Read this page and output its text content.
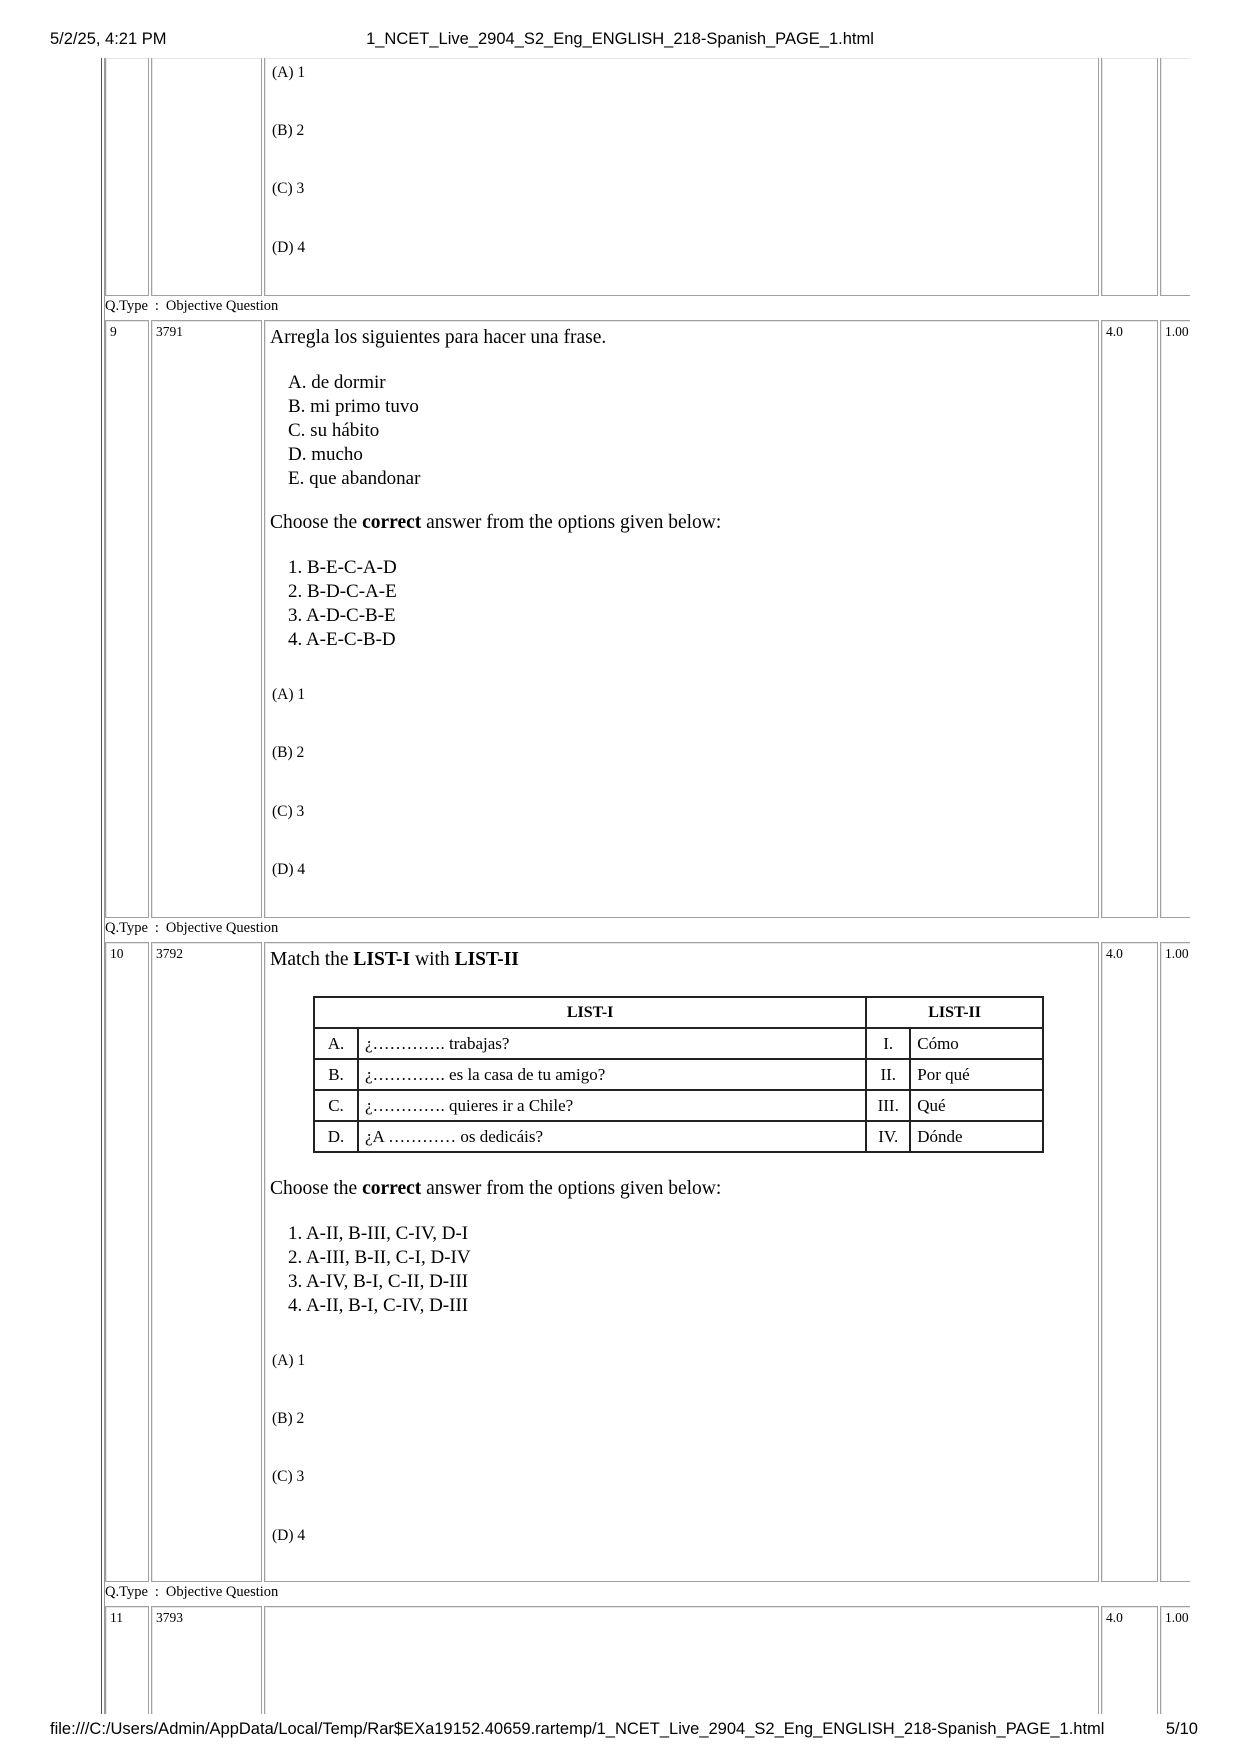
5/2/25, 4:21 PM	1_NCET_Live_2904_S2_Eng_ENGLISH_218-Spanish_PAGE_1.html
(A) 1
(B) 2
(C) 3
(D) 4
Q.Type : Objective Question
9	3791	4.0	1.00
Arregla los siguientes para hacer una frase.
A. de dormir
B. mi primo tuvo
C. su hábito
D. mucho
E. que abandonar
Choose the correct answer from the options given below:
1. B-E-C-A-D
2. B-D-C-A-E
3. A-D-C-B-E
4. A-E-C-B-D
(A) 1
(B) 2
(C) 3
(D) 4
Q.Type : Objective Question
10	3792	4.0	1.00
Match the LIST-I with LIST-II
LIST-I		LIST-II	
A.	¿…………. trabajas?	I.	Cómo
B.	¿…………. es la casa de tu amigo?	II.	Por qué
C.	¿…………. quieres ir a Chile?	III.	Qué
D.	¿A ………… os dedicáis?	IV.	Dónde
Choose the correct answer from the options given below:
1. A-II, B-III, C-IV, D-I
2. A-III, B-II, C-I, D-IV
3. A-IV, B-I, C-II, D-III
4. A-II, B-I, C-IV, D-III
(A) 1
(B) 2
(C) 3
(D) 4
Q.Type : Objective Question
11	3793	4.0	1.00
file:///C:/Users/Admin/AppData/Local/Temp/Rar$EXa19152.40659.rartemp/1_NCET_Live_2904_S2_Eng_ENGLISH_218-Spanish_PAGE_1.html	5/10
